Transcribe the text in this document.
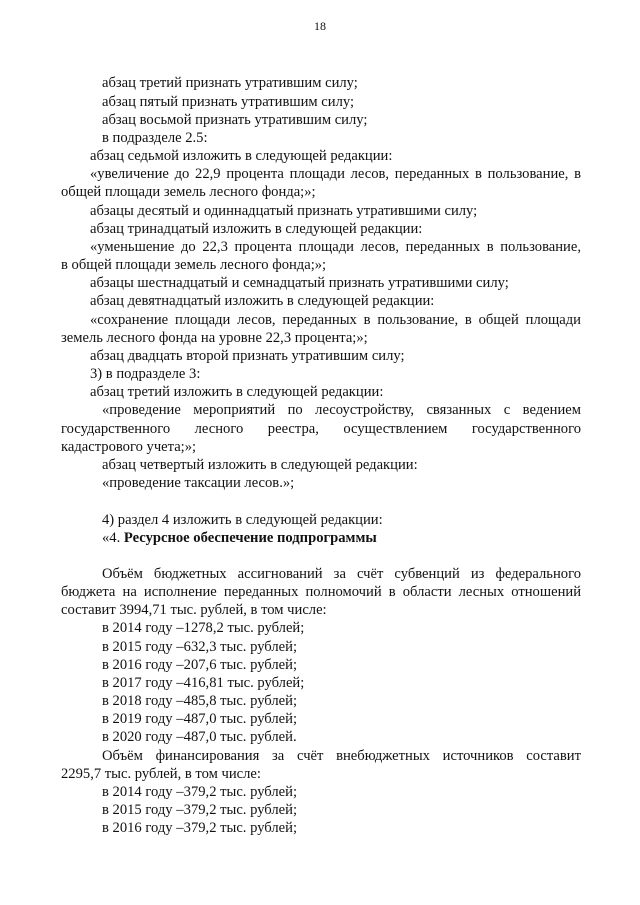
18
абзац третий признать утратившим силу;
абзац пятый признать утратившим силу;
абзац восьмой признать утратившим силу;
в подразделе 2.5:
абзац седьмой изложить в следующей редакции:
«увеличение до 22,9 процента площади лесов, переданных в пользование, в
общей площади земель лесного фонда;»;
абзацы десятый и одиннадцатый признать утратившими силу;
абзац тринадцатый изложить в следующей редакции:
«уменьшение до 22,3 процента площади лесов, переданных в пользование,
в общей площади земель лесного фонда;»;
абзацы шестнадцатый и семнадцатый признать утратившими силу;
абзац девятнадцатый изложить в следующей редакции:
«сохранение площади лесов, переданных в пользование, в общей площади
земель лесного фонда на уровне 22,3 процента;»;
абзац двадцать второй признать утратившим силу;
3) в подразделе 3:
абзац третий изложить в следующей редакции:
«проведение мероприятий по лесоустройству, связанных с ведением
государственного лесного реестра, осуществлением государственного
кадастрового учета;»;
абзац четвертый изложить в следующей редакции:
«проведение таксации лесов.»;
4) раздел 4 изложить в следующей редакции:
«4. Ресурсное обеспечение подпрограммы
Объём бюджетных ассигнований за счёт субвенций из федерального
бюджета на исполнение переданных полномочий в области лесных отношений
составит 3994,71 тыс. рублей, в том числе:
в 2014 году – 1278,2 тыс. рублей;
в 2015 году – 632,3 тыс. рублей;
в 2016 году – 207,6 тыс. рублей;
в 2017 году – 416,81 тыс. рублей;
в 2018 году – 485,8 тыс. рублей;
в 2019 году – 487,0 тыс. рублей;
в 2020 году – 487,0 тыс. рублей.
Объём финансирования за счёт внебюджетных источников составит
2295,7 тыс. рублей, в том числе:
в 2014 году – 379,2 тыс. рублей;
в 2015 году – 379,2 тыс. рублей;
в 2016 году – 379,2 тыс. рублей;
